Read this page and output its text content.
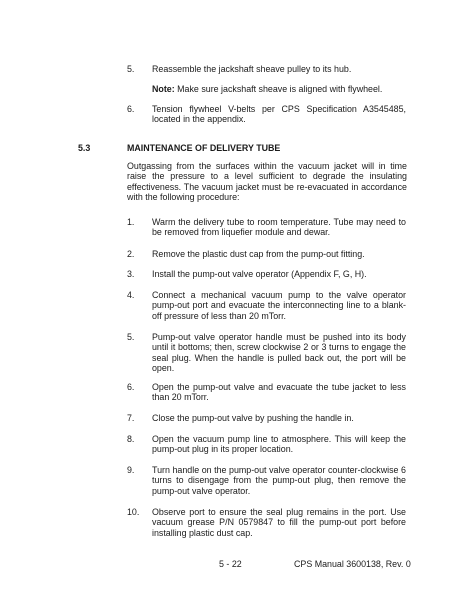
5. Reassemble the jackshaft sheave pulley to its hub.
Note: Make sure jackshaft sheave is aligned with flywheel.
6. Tension flywheel V-belts per CPS Specification A3545485, located in the appendix.
5.3	MAINTENANCE OF DELIVERY TUBE
Outgassing from the surfaces within the vacuum jacket will in time raise the pressure to a level sufficient to degrade the insulating effectiveness. The vacuum jacket must be re-evacuated in accordance with the following procedure:
1. Warm the delivery tube to room temperature. Tube may need to be removed from liquefier module and dewar.
2. Remove the plastic dust cap from the pump-out fitting.
3. Install the pump-out valve operator (Appendix F, G, H).
4. Connect a mechanical vacuum pump to the valve operator pump-out port and evacuate the interconnecting line to a blank-off pressure of less than 20 mTorr.
5. Pump-out valve operator handle must be pushed into its body until it bottoms; then, screw clockwise 2 or 3 turns to engage the seal plug. When the handle is pulled back out, the port will be open.
6. Open the pump-out valve and evacuate the tube jacket to less than 20 mTorr.
7. Close the pump-out valve by pushing the handle in.
8. Open the vacuum pump line to atmosphere. This will keep the pump-out plug in its proper location.
9. Turn handle on the pump-out valve operator counter-clockwise 6 turns to disengage from the pump-out plug, then remove the pump-out valve operator.
10. Observe port to ensure the seal plug remains in the port. Use vacuum grease P/N 0579847 to fill the pump-out port before installing plastic dust cap.
5 - 22	CPS Manual 3600138, Rev. 0
